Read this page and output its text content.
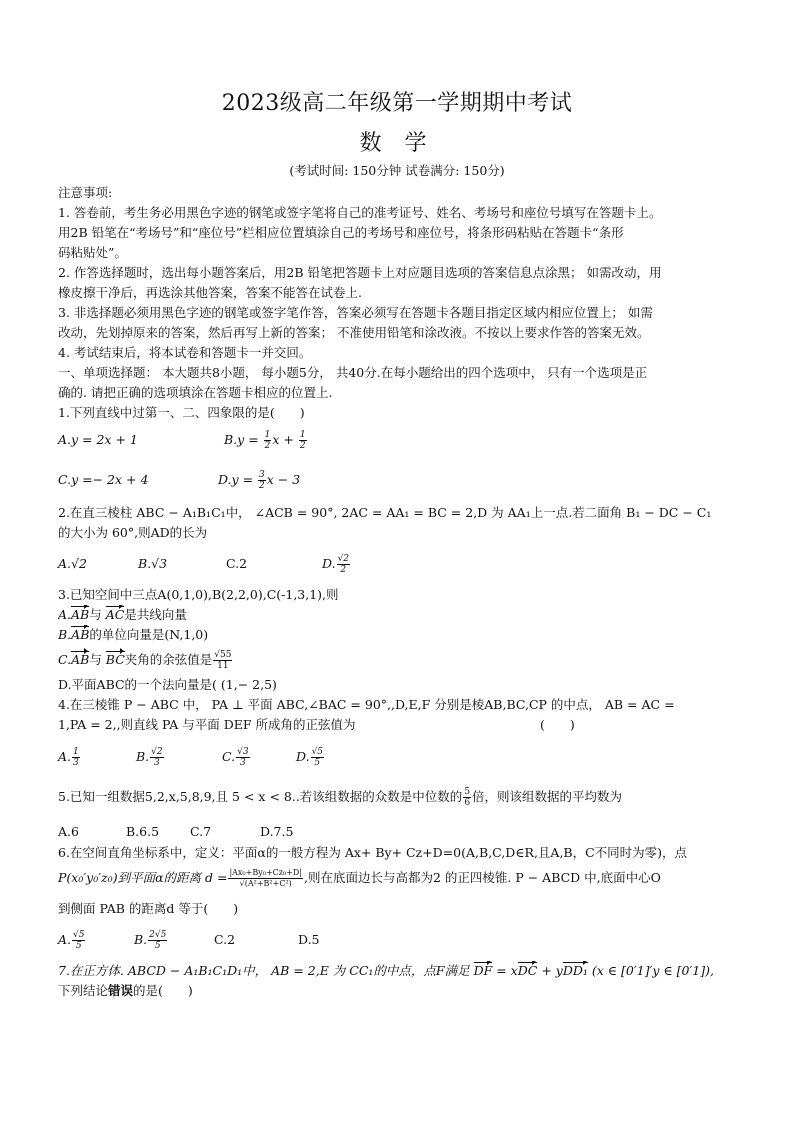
2023级高二年级第一学期期中考试
数 学
(考试时间: 150分钟 试卷满分: 150分)
注意事项:
1. 答卷前，考生务必用黑色字迹的钢笔或签字笔将自己的准考证号、姓名、考场号和座位号填写在答题卡上。
用2B 铅笔在“考场号”和“座位号”栏相应位置填涂自己的考场号和座位号，将条形码粘贴在答题卡“条形
码粘贴处”。
2. 作答选择题时，选出每小题答案后，用2B 铅笔把答题卡上对应题目选项的答案信息点涂黑； 如需改动，用
橡皮擦干净后，再选涂其他答案，答案不能答在试卷上.
3. 非选择题必须用黑色字迹的钢笔或签字笔作答，答案必须写在答题卡各题目指定区域内相应位置上； 如需
改动，先划掉原来的答案，然后再写上新的答案； 不准使用铅笔和涂改液。不按以上要求作答的答案无效。
4. 考试结束后，将本试卷和答题卡一并交回。
一、单项选择题： 本大题共8小题， 每小题5分， 共40分.在每小题给出的四个选项中， 只有一个选项是正
确的. 请把正确的选项填涂在答题卡相应的位置上.
1.下列直线中过第一、二、四象限的是(　　)
A.y = 2x + 1	$B.y = \frac{1}{2}$ $x + \frac{1}{2}$
C.y =− 2x + 4	$D.y = \frac{3}{2}$ x − 3
2.在直三棱柱 ABC − A₁B₁C₁中， ∠ACB = 90°, 2AC = AA₁ = BC = 2,D 为 AA₁上一点.若二面角 B₁ − DC − C₁
的大小为 60°,则AD的长为
A.√2	B.√3	C.2	D. $\frac{√2}{2}$
3.已知空间中三点A(0,1,0),B(2,2,0),C(-1,3,1),则
A.AB与 AC是共线向量
B.AB的单位向量是(N,1,0)
C. AB 与 BC 夹角的余弦值是 $\frac{√55}{11}$
D.平面ABC的一个法向量是( (1,− 2,5)
4.在三棱锥 P − ABC 中， PA ⊥ 平面 ABC,∠BAC = 90°,,D,E,F 分别是棱AB,BC,CP 的中点， AB = AC =
1,PA = 2,,则直线 PA 与平面 DEF 所成角的正弦值为	(　　)
A. $\frac{1}{3}$	B. $\frac{√2}{3}$	C. $\frac{√3}{3}$	D. $\frac{√5}{5}$
5.已知一组数据5,2,x,5,8,9,且 5 < x < 8..若该组数据的众数是中位数的 $\frac{5}{6}$ 倍，则该组数据的平均数为
A.6	B.6.5	C.7	D.7.5
6.在空间直角坐标系中，定义：平面α的一般方程为 Ax+ By+ Cz+D=0(A,B,C,D∈R,且A,B，C不同时为零)，点
P(x₀′y₀′z₀)到平面α的距离 $d = \frac{\text{|Ax₀+By₀+Cz₀+D|}}{\text{√(A²+B²+C²)}}$ ,则在底面边长与高都为2 的正四棱锥. P − ABCD 中,底面中心O
到侧面 PAB 的距离d 等于(　　)
A. $\frac{√5}{5}$	B. $\frac{2√5}{5}$	C.2	D.5
7.在正方体. ABCD − A₁B₁C₁D₁中， AB = 2,E 为 CC₁的中点，点F满足 DF = xDC + yDD₁ (x ∈ [0′1]′y ∈ [0′1]),
下列结论错误的是(　　)
